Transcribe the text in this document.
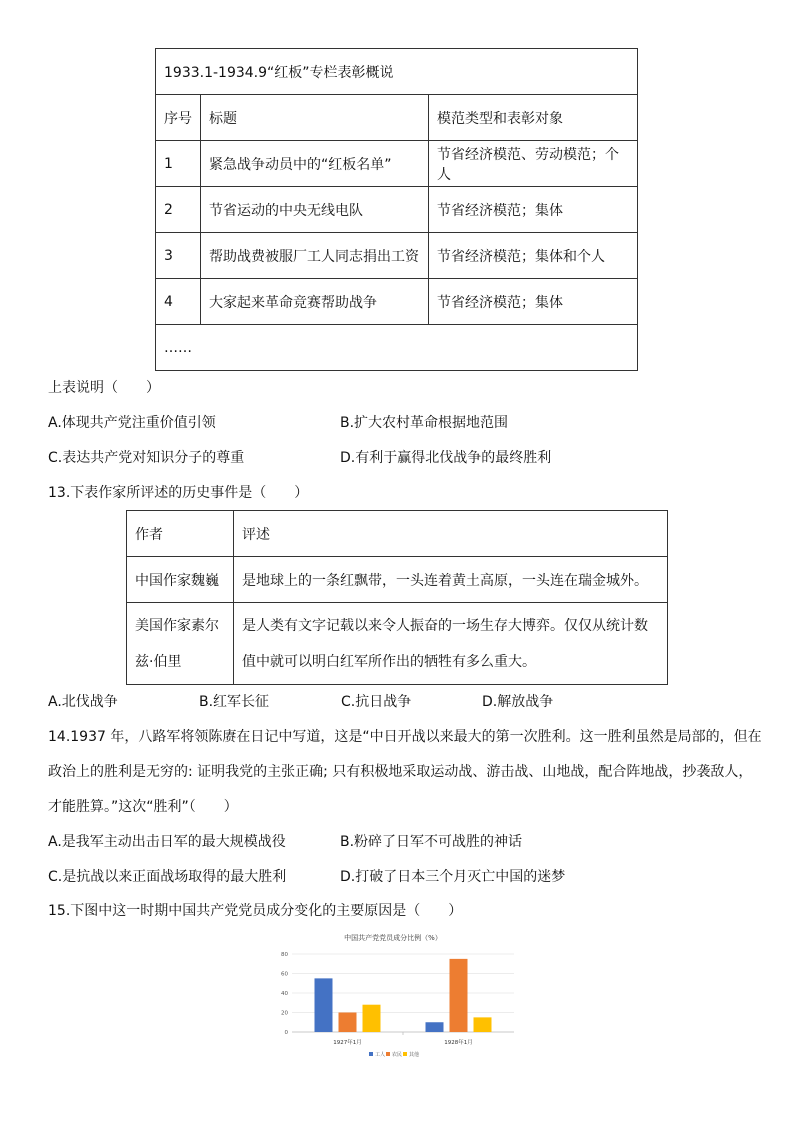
1933.1-1934.9“红板”专栏表彰概说		
序号	标题	模范类型和表彰对象
1	紧急战争动员中的“红板名单”	节省经济模范、劳动模范；个人
2	节省运动的中央无线电队	节省经济模范；集体
3	帮助战费被服厂工人同志捐出工资	节省经济模范；集体和个人
4	大家起来革命竞赛帮助战争	节省经济模范；集体
……		
上表说明（　　）
A.体现共产党注重价值引领	B.扩大农村革命根据地范围
C.表达共产党对知识分子的尊重	D.有利于赢得北伐战争的最终胜利
13.下表作家所评述的历史事件是（　　）
作者	评述
中国作家魏巍	是地球上的一条红飘带，一头连着黄土高原，一头连在瑞金城外。
美国作家素尔兹·伯里	是人类有文字记载以来令人振奋的一场生存大博弈。仅仅从统计数值中就可以明白红军所作出的牺牲有多么重大。
A.北伐战争	B.红军长征	C.抗日战争	D.解放战争
14.1937 年，八路军将领陈赓在日记中写道，这是“中日开战以来最大的第一次胜利。这一胜利虽然是局部的，但在
政治上的胜利是无穷的: 证明我党的主张正确; 只有积极地采取运动战、游击战、山地战，配合阵地战，抄袭敌人，
才能胜算。”这次“胜利”（　　）
A.是我军主动出击日军的最大规模战役	B.粉碎了日军不可战胜的神话
C.是抗战以来正面战场取得的最大胜利	D.打破了日本三个月灭亡中国的迷梦
15.下图中这一时期中国共产党党员成分变化的主要原因是（　　）
中国共产党党员成分比例（%）
0
20
40
60
80
1927年1月	1928年1月
工人 农民 其他
